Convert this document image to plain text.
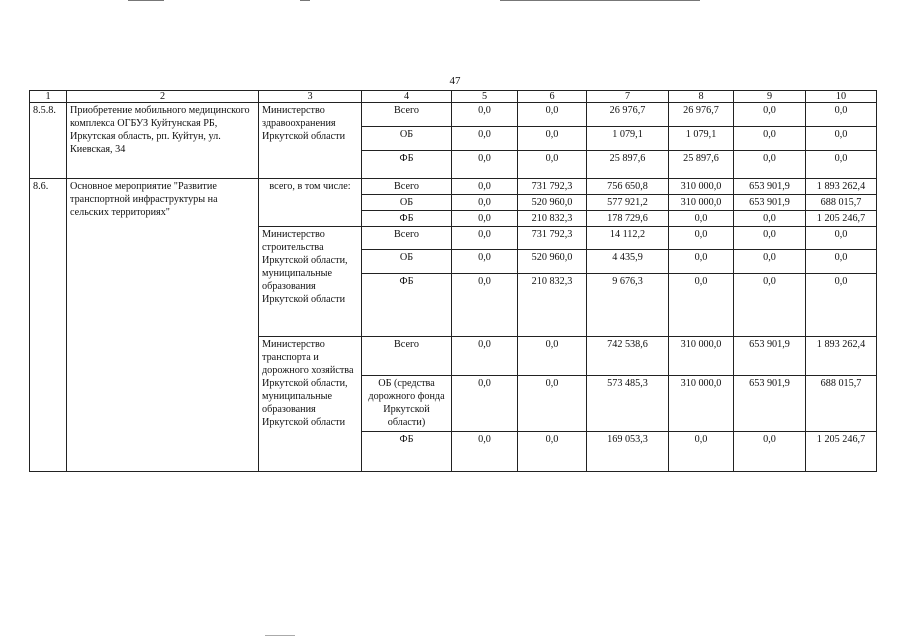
47
1	2	3	4	5	6	7	8	9	10
8.5.8.	Приобретение мобильного медицинского комплекса ОГБУЗ Куйтунская РБ, Иркутская область, рп. Куйтун, ул. Киевская, 34	Министерство здравоохранения Иркутской области	Всего	0,0	0,0	26 976,7	26 976,7	0,0	0,0
			ОБ	0,0	0,0	1 079,1	1 079,1	0,0	0,0
			ФБ	0,0	0,0	25 897,6	25 897,6	0,0	0,0
8.6.	Основное мероприятие "Развитие транспортной инфраструктуры на сельских территориях"	всего, в том числе:	Всего	0,0	731 792,3	756 650,8	310 000,0	653 901,9	1 893 262,4
			ОБ	0,0	520 960,0	577 921,2	310 000,0	653 901,9	688 015,7
			ФБ	0,0	210 832,3	178 729,6	0,0	0,0	1 205 246,7
		Министерство строительства Иркутской области, муниципальные образования Иркутской области	Всего	0,0	731 792,3	14 112,2	0,0	0,0	0,0
			ОБ	0,0	520 960,0	4 435,9	0,0	0,0	0,0
			ФБ	0,0	210 832,3	9 676,3	0,0	0,0	0,0
		Министерство транспорта и дорожного хозяйства Иркутской области, муниципальные образования Иркутской области	Всего	0,0	0,0	742 538,6	310 000,0	653 901,9	1 893 262,4
			ОБ (средства дорожного фонда Иркутской области)	0,0	0,0	573 485,3	310 000,0	653 901,9	688 015,7
			ФБ	0,0	0,0	169 053,3	0,0	0,0	1 205 246,7
